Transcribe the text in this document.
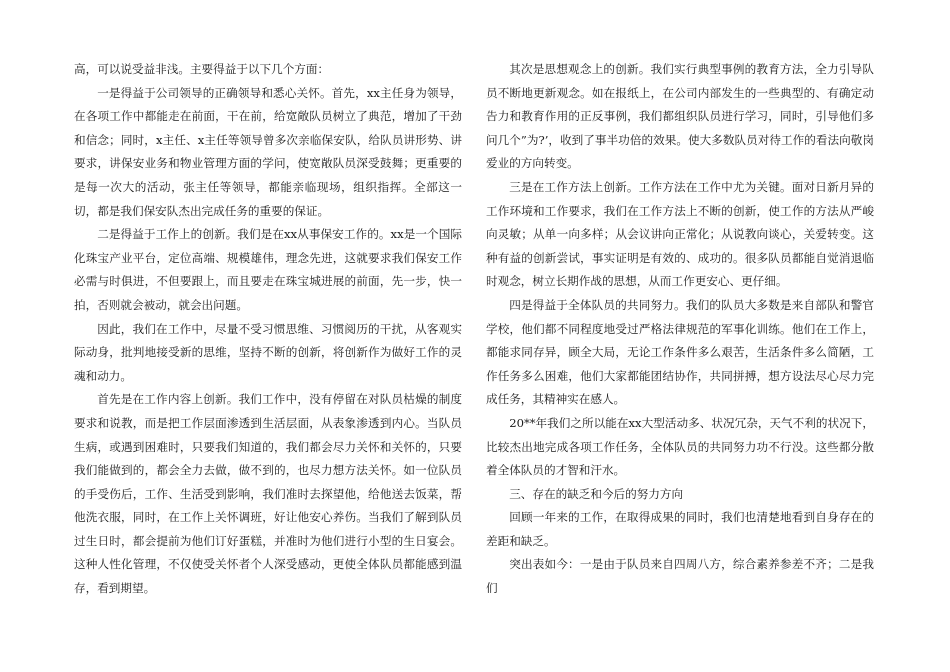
高，可以说受益非浅。主要得益于以下几个方面：

一是得益于公司领导的正确领导和悉心关怀。首先，xx主任身为领导，在各项工作中都能走在前面，干在前，给宽敞队员树立了典范，增加了干劲和信念；同时，x主任、x主任等领导曾多次亲临保安队，给队员讲形势、讲要求，讲保安业务和物业管理方面的学问，使宽敞队员深受鼓舞；更重要的是每一次大的活动，张主任等领导，都能亲临现场，组织指挥。全部这一切，都是我们保安队杰出完成任务的重要的保证。

二是得益于工作上的创新。我们是在xx从事保安工作的。xx是一个国际化珠宝产业平台，定位高端、规模雄伟，理念先进，这就要求我们保安工作必需与时俱进，不但要跟上，而且要走在珠宝城进展的前面，先一步，快一拍，否则就会被动，就会出问题。

因此，我们在工作中，尽量不受习惯思维、习惯阅历的干扰，从客观实际动身，批判地接受新的思维，坚持不断的创新，将创新作为做好工作的灵魂和动力。

首先是在工作内容上创新。我们工作中，没有停留在对队员枯燥的制度要求和说教，而是把工作层面渗透到生活层面，从表象渗透到内心。当队员生病，或遇到困难时，只要我们知道的，我们都会尽力关怀和关怀的，只要我们能做到的，都会全力去做，做不到的，也尽力想方法关怀。如一位队员的手受伤后，工作、生活受到影响，我们准时去探望他，给他送去饭菜，帮他洗衣服，同时，在工作上关怀调班，好让他安心养伤。当我们了解到队员过生日时，都会提前为他们订好蛋糕，并准时为他们进行小型的生日宴会。这种人性化管理，不仅使受关怀者个人深受感动，更使全体队员都能感到温存，看到期望。

其次是思想观念上的创新。我们实行典型事例的教育方法，全力引导队员不断地更新观念。如在报纸上，在公司内部发生的一些典型的、有确定动告力和教育作用的正反事例，我们都组织队员进行学习，同时，引导他们多问几个”为?’，收到了事半功倍的效果。使大多数队员对待工作的看法向敬岗爱业的方向转变。

三是在工作方法上创新。工作方法在工作中尤为关键。面对日新月异的工作环境和工作要求，我们在工作方法上不断的创新，使工作的方法从严峻 向灵敏；从单一向多样；从会议讲向正常化；从说教向谈心，关爱转变。这种有益的创新尝试，事实证明是有效的、成功的。很多队员都能自觉消退临时观念，树立长期作战的思想，从而工作更安心、更仔细。

四是得益于全体队员的共同努力。我们的队员大多数是来自部队和警官学校，他们都不同程度地受过严格法律规范的军事化训练。他们在工作上，都能求同存异，顾全大局，无论工作条件多么艰苦，生活条件多么简陋，工作任务多么困难，他们大家都能团结协作，共同拼搏，想方设法尽心尽力完成任务，其精神实在感人。

20**年我们之所以能在xx大型活动多、状况冗杂，天气不利的状况下，比较杰出地完成各项工作任务，全体队员的共同努力功不行没。这些都分散着全体队员的才智和汗水。

三、存在的缺乏和今后的努力方向

回顾一年来的工作，在取得成果的同时，我们也清楚地看到自身存在的差距和缺乏。

突出表如今：一是由于队员来自四周八方，综合素养参差不齐；二是我们
